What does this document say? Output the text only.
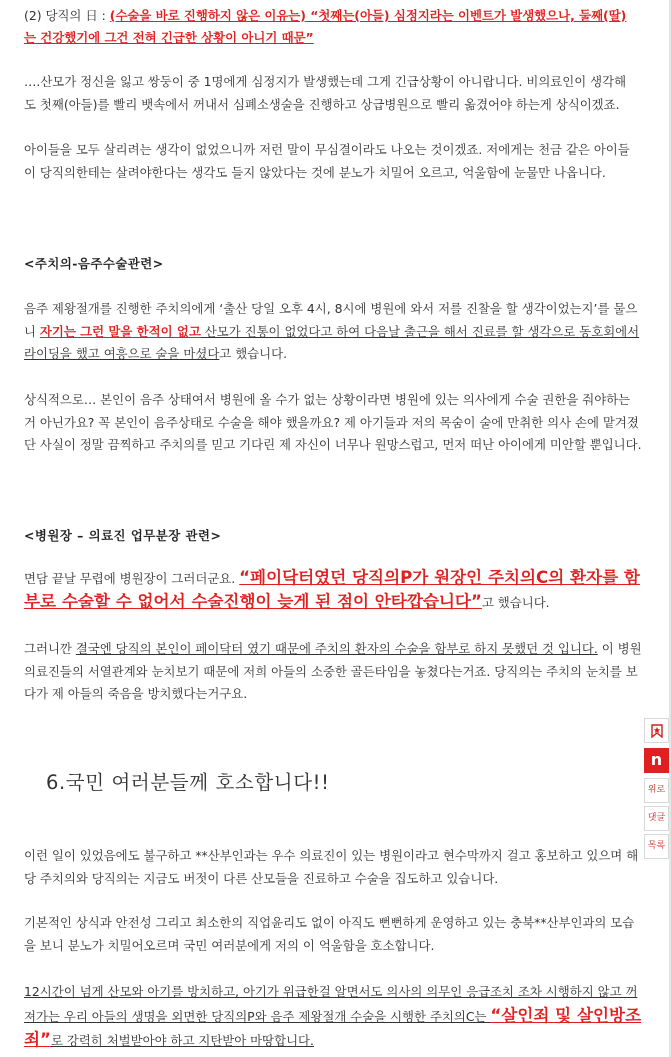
(2) 당직의 日 : (수술을 바로 진행하지 않은 이유는) “첫째는(아들) 심정지라는 이벤트가 발생했으나, 둘째(딸)는 건강했기에 그건 전혀 긴급한 상황이 아니기 때문”

….산모가 정신을 잃고 쌍둥이 중 1명에게 심정지가 발생했는데 그게 긴급상황이 아니랍니다. 비의료인이 생각해도 첫째(아들)를 빨리 뱃속에서 꺼내서 심폐소생술을 진행하고 상급병원으로 빨리 옮겼어야 하는게 상식이겠죠.

아이들을 모두 살리려는 생각이 없었으니까 저런 말이 무심결이라도 나오는 것이겠죠. 저에게는 천금 같은 아이들이 당직의한테는 살려야한다는 생각도 들지 않았다는 것에 분노가 치밀어 오르고, 억울함에 눈물만 나옵니다.

<주치의-음주수술관련>

음주 제왕절개를 진행한 주치의에게 ‘출산 당일 오후 4시, 8시에 병원에 와서 저를 진찰을 할 생각이었는지’를 물으니 자기는 그런 말을 한적이 없고 산모가 진통이 없었다고 하여 다음날 출근을 해서 진료를 할 생각으로 동호회에서 라이딩을 했고 여흥으로 술을 마셨다고 했습니다.

상식적으로… 본인이 음주 상태여서 병원에 올 수가 없는 상황이라면 병원에 있는 의사에게 수술 권한을 줘야하는 거 아닌가요? 꼭 본인이 음주상태로 수술을 해야 했을까요? 제 아기들과 저의 목숨이 술에 만취한 의사 손에 맡겨졌단 사실이 정말 끔찍하고 주치의를 믿고 기다린 제 자신이 너무나 원망스럽고, 먼저 떠난 아이에게 미안할 뿐입니다.

<병원장 – 의료진 업무분장 관련>

면담 끝날 무렵에 병원장이 그러더군요. “페이닥터였던 당직의P가 원장인 주치의C의 환자를 함부로 수술할 수 없어서 수술진행이 늦게 된 점이 안타깝습니다”고 했습니다.

그러니깐 결국엔 당직의 본인이 페이닥터 였기 때문에 주치의 환자의 수술을 함부로 하지 못했던 것 입니다. 이 병원 의료진들의 서열관계와 눈치보기 때문에 저희 아들의 소중한 골든타임을 놓쳤다는거죠. 당직의는 주치의 눈치를 보다가 제 아들의 죽음을 방치했다는거구요.

6.국민 여러분들께 호소합니다!!

이런 일이 있었음에도 불구하고 **산부인과는 우수 의료진이 있는 병원이라고 현수막까지 걸고 홍보하고 있으며 해당 주치의와 당직의는 지금도 버젓이 다른 산모들을 진료하고 수술을 집도하고 있습니다.

기본적인 상식과 안전성 그리고 최소한의 직업윤리도 없이 아직도 뻔뻔하게 운영하고 있는 충북**산부인과의 모습을 보니 분노가 치밀어오르며 국민 여러분에게 저의 이 억울함을 호소합니다.

12시간이 넘게 산모와 아기를 방치하고, 아기가 위급한걸 알면서도 의사의 의무인 응급조치 조차 시행하지 않고 꺼져가는 우리 아들의 생명을 외면한 당직의P와 음주 제왕절개 수술을 시행한 주치의C는 “살인죄 및 살인방조죄”로 강력히 처벌받아야 하고 지탄받아 마땅합니다.

n
위로
댓글
목록
